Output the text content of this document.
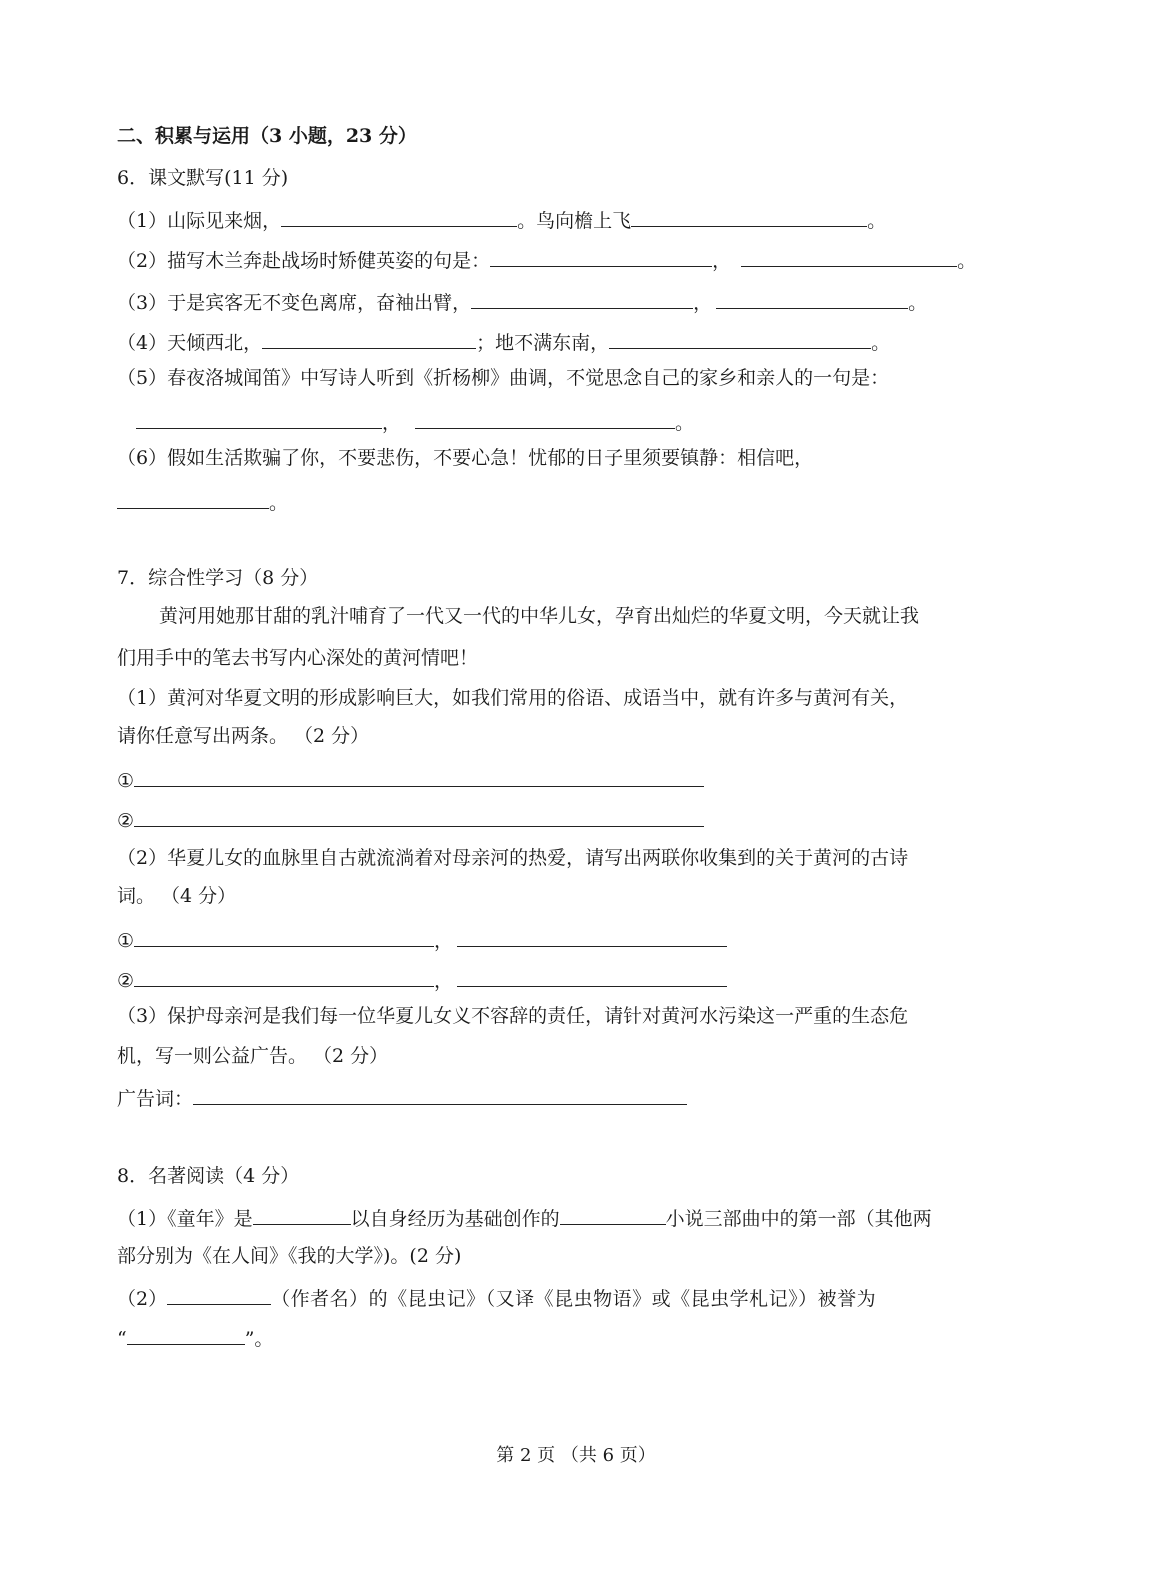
二、积累与运用（3 小题，23 分）
6．课文默写(11 分)
（1）山际见来烟，	。鸟向檐上飞	。
（2）描写木兰奔赴战场时矫健英姿的句是：	，	。
（3）于是宾客无不变色离席，奋袖出臂，	，	。
（4）天倾西北，	；地不满东南，	。
（5）春夜洛城闻笛》中写诗人听到《折杨柳》曲调，不觉思念自己的家乡和亲人的一句是：
，	。
（6）假如生活欺骗了你，不要悲伤，不要心急！忧郁的日子里须要镇静：相信吧，
。
7．综合性学习（8 分）
黄河用她那甘甜的乳汁哺育了一代又一代的中华儿女，孕育出灿烂的华夏文明，今天就让我
们用手中的笔去书写内心深处的黄河情吧！
（1）黄河对华夏文明的形成影响巨大，如我们常用的俗语、成语当中，就有许多与黄河有关，
请你任意写出两条。 （2 分）
①
②
（2）华夏儿女的血脉里自古就流淌着对母亲河的热爱，请写出两联你收集到的关于黄河的古诗
词。 （4 分）
①	，
②	，
（3）保护母亲河是我们每一位华夏儿女义不容辞的责任，请针对黄河水污染这一严重的生态危
机，写一则公益广告。 （2 分）
广告词：
8．名著阅读（4 分）
（1）《童年》是	以自身经历为基础创作的	小说三部曲中的第一部（其他两
部分别为《在人间》《我的大学》)。(2 分)
（2）	（作者名）的《昆虫记》（又译《昆虫物语》或《昆虫学札记》）被誉为
“	”。
第 2 页 （共 6 页）
